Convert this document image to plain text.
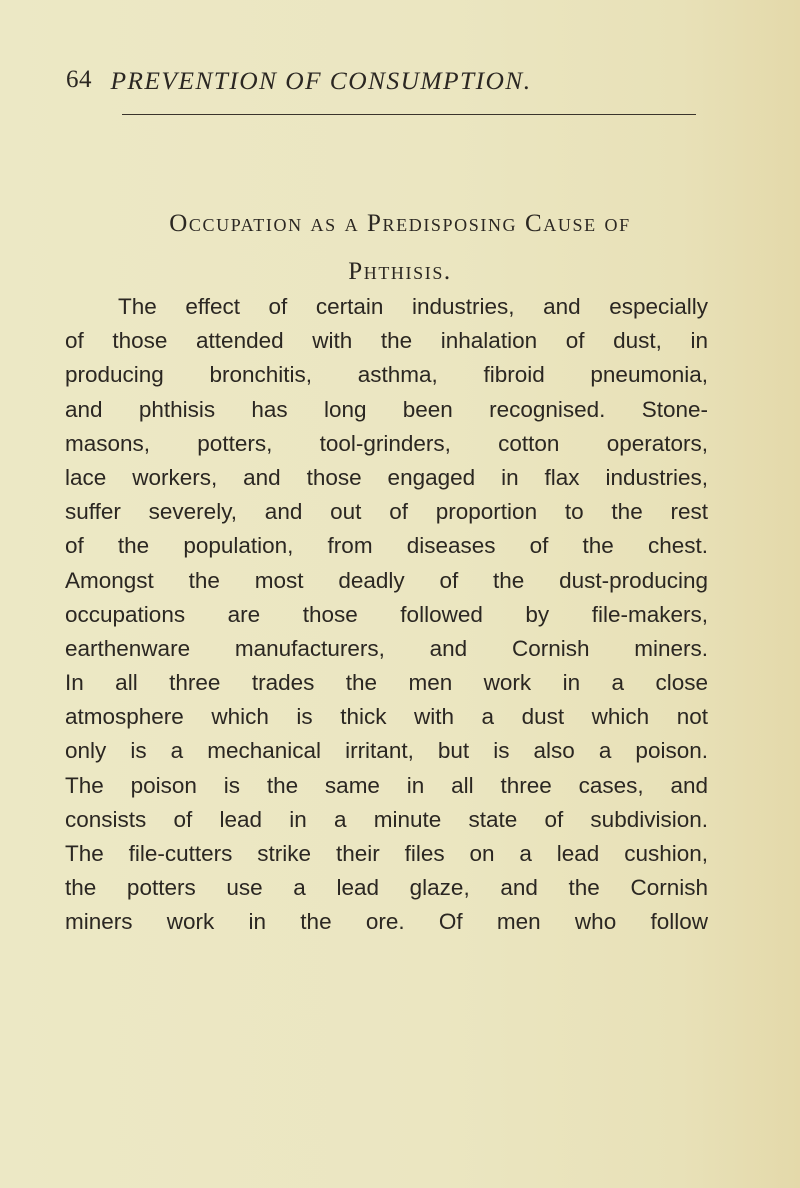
64 PREVENTION OF CONSUMPTION.
Occupation as a Predisposing Cause of
Phthisis.
The effect of certain industries, and especially
of those attended with the inhalation of dust, in
producing bronchitis, asthma, fibroid pneumonia,
and phthisis has long been recognised. Stone-
masons, potters, tool-grinders, cotton operators,
lace workers, and those engaged in flax industries,
suffer severely, and out of proportion to the rest
of the population, from diseases of the chest.
Amongst the most deadly of the dust-producing
occupations are those followed by file-makers,
earthenware manufacturers, and Cornish miners.
In all three trades the men work in a close
atmosphere which is thick with a dust which not
only is a mechanical irritant, but is also a poison.
The poison is the same in all three cases, and
consists of lead in a minute state of subdivision.
The file-cutters strike their files on a lead cushion,
the potters use a lead glaze, and the Cornish
miners work in the ore. Of men who follow
